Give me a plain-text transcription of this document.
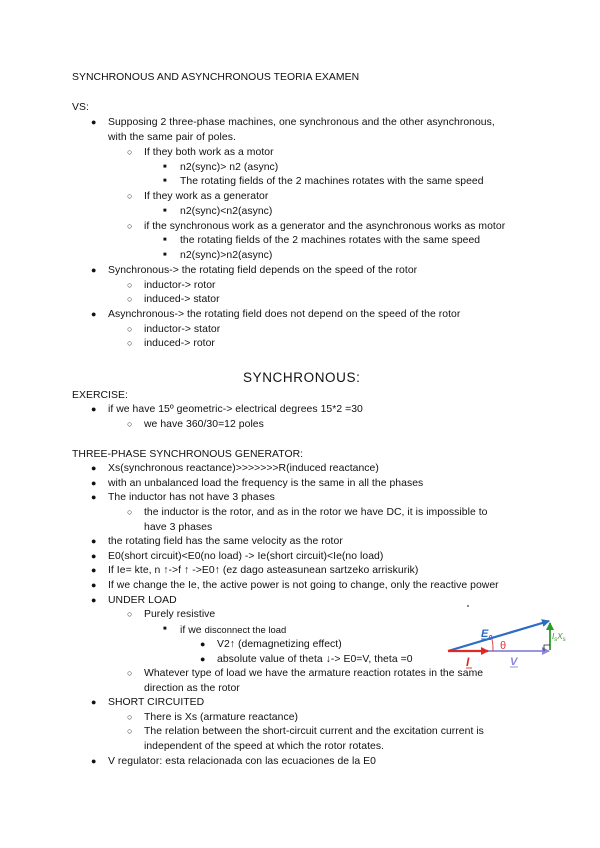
SYNCHRONOUS AND ASYNCHRONOUS TEORIA EXAMEN
VS:
● Supposing 2 three-phase machines, one synchronous and the other asynchronous,
with the same pair of poles.
○ If they both work as a motor
■ n2(sync)> n2 (async)
■ The rotating fields of the 2 machines rotates with the same speed
○ If they work as a generator
■ n2(sync)<n2(async)
○ if the synchronous work as a generator and the asynchronous works as motor
■ the rotating fields of the 2 machines rotates with the same speed
■ n2(sync)>n2(async)
● Synchronous-> the rotating field depends on the speed of the rotor
○ inductor-> rotor
○ induced-> stator
● Asynchronous-> the rotating field does not depend on the speed of the rotor
○ inductor-> stator
○ induced-> rotor
SYNCHRONOUS:
EXERCISE:
● if we have 15º geometric-> electrical degrees 15*2 =30
○ we have 360/30=12 poles
THREE-PHASE SYNCHRONOUS GENERATOR:
● Xs(synchronous reactance)>>>>>>>R(induced reactance)
● with an unbalanced load the frequency is the same in all the phases
● The inductor has not have 3 phases
○ the inductor is the rotor, and as in the rotor we have DC, it is impossible to
have 3 phases
● the rotating field has the same velocity as the rotor
● E0(short circuit)<E0(no load) -> Ie(short circuit)<Ie(no load)
● If Ie= kte, n ↑->f ↑ ->E0↑ (ez dago asteasunean sartzeko arriskurik)
● If we change the Ie, the active power is not going to change, only the reactive power
● UNDER LOAD
○ Purely resistive
■ if we disconnect the load
● V2↑ (demagnetizing effect)
● absolute value of theta ↓-> E0=V, theta =0
○ Whatever type of load we have the armature reaction rotates in the same
direction as the rotor
● SHORT CIRCUITED
○ There is Xs (armature reactance)
○ The relation between the short-circuit current and the excitation current is
independent of the speed at which the rotor rotates.
● V regulator: esta relacionada con las ecuaciones de la E0
θ
$E_0$	$I_sX_s$
I	V
